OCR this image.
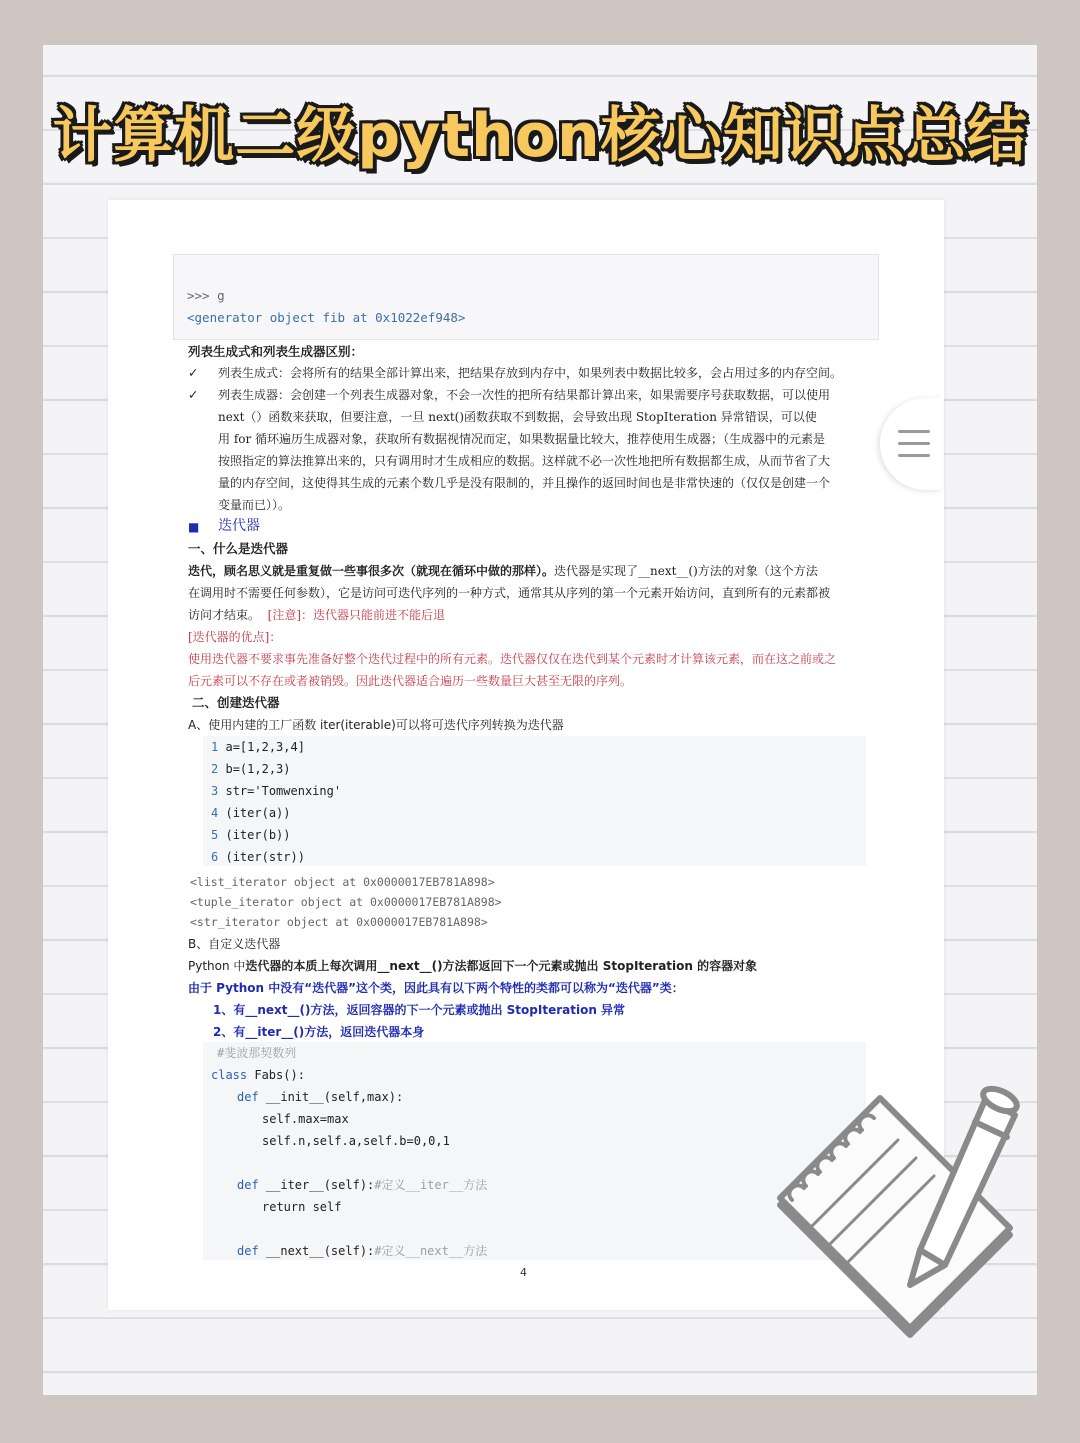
计算机二级python核心知识点总结
>>> g
<generator object fib at 0x1022ef948>
列表生成式和列表生成器区别：
✓ 列表生成式：会将所有的结果全部计算出来，把结果存放到内存中，如果列表中数据比较多，会占用过多的内存空间。
✓ 列表生成器：会创建一个列表生成器对象，不会一次性的把所有结果都计算出来，如果需要序号获取数据，可以使用
next（）函数来获取，但要注意，一旦 next()函数获取不到数据，会导致出现 StopIteration 异常错误，可以使
用 for 循环遍历生成器对象，获取所有数据视情况而定，如果数据量比较大，推荐使用生成器；（生成器中的元素是
按照指定的算法推算出来的，只有调用时才生成相应的数据。这样就不必一次性地把所有数据都生成，从而节省了大
量的内存空间，这使得其生成的元素个数几乎是没有限制的，并且操作的返回时间也是非常快速的（仅仅是创建一个
变量而已））。
■ 迭代器
一、什么是迭代器
迭代，顾名思义就是重复做一些事很多次（就现在循环中做的那样）。迭代器是实现了__next__()方法的对象（这个方法
在调用时不需要任何参数），它是访问可迭代序列的一种方式，通常其从序列的第一个元素开始访问，直到所有的元素都被
访问才结束。 [注意]：迭代器只能前进不能后退
[迭代器的优点]：
使用迭代器不要求事先准备好整个迭代过程中的所有元素。迭代器仅仅在迭代到某个元素时才计算该元素，而在这之前或之
后元素可以不存在或者被销毁。因此迭代器适合遍历一些数量巨大甚至无限的序列。
二、创建迭代器
A、使用内建的工厂函数 iter(iterable)可以将可迭代序列转换为迭代器
1 a=[1,2,3,4]
2 b=(1,2,3)
3 str='Tomwenxing'
4 (iter(a))
5 (iter(b))
6 (iter(str))
<list_iterator object at 0x0000017EB781A898>
<tuple_iterator object at 0x0000017EB781A898>
<str_iterator object at 0x0000017EB781A898>
B、自定义迭代器
Python 中迭代器的本质上每次调用__next__()方法都返回下一个元素或抛出 StopIteration 的容器对象
由于 Python 中没有“迭代器”这个类，因此具有以下两个特性的类都可以称为“迭代器”类：
1、有__next__()方法，返回容器的下一个元素或抛出 StopIteration 异常
2、有__iter__()方法，返回迭代器本身
#斐波那契数列
class Fabs():
def __init__(self,max):
self.max=max
self.n,self.a,self.b=0,0,1
def __iter__(self):#定义__iter__方法
return self
def __next__(self):#定义__next__方法
4
